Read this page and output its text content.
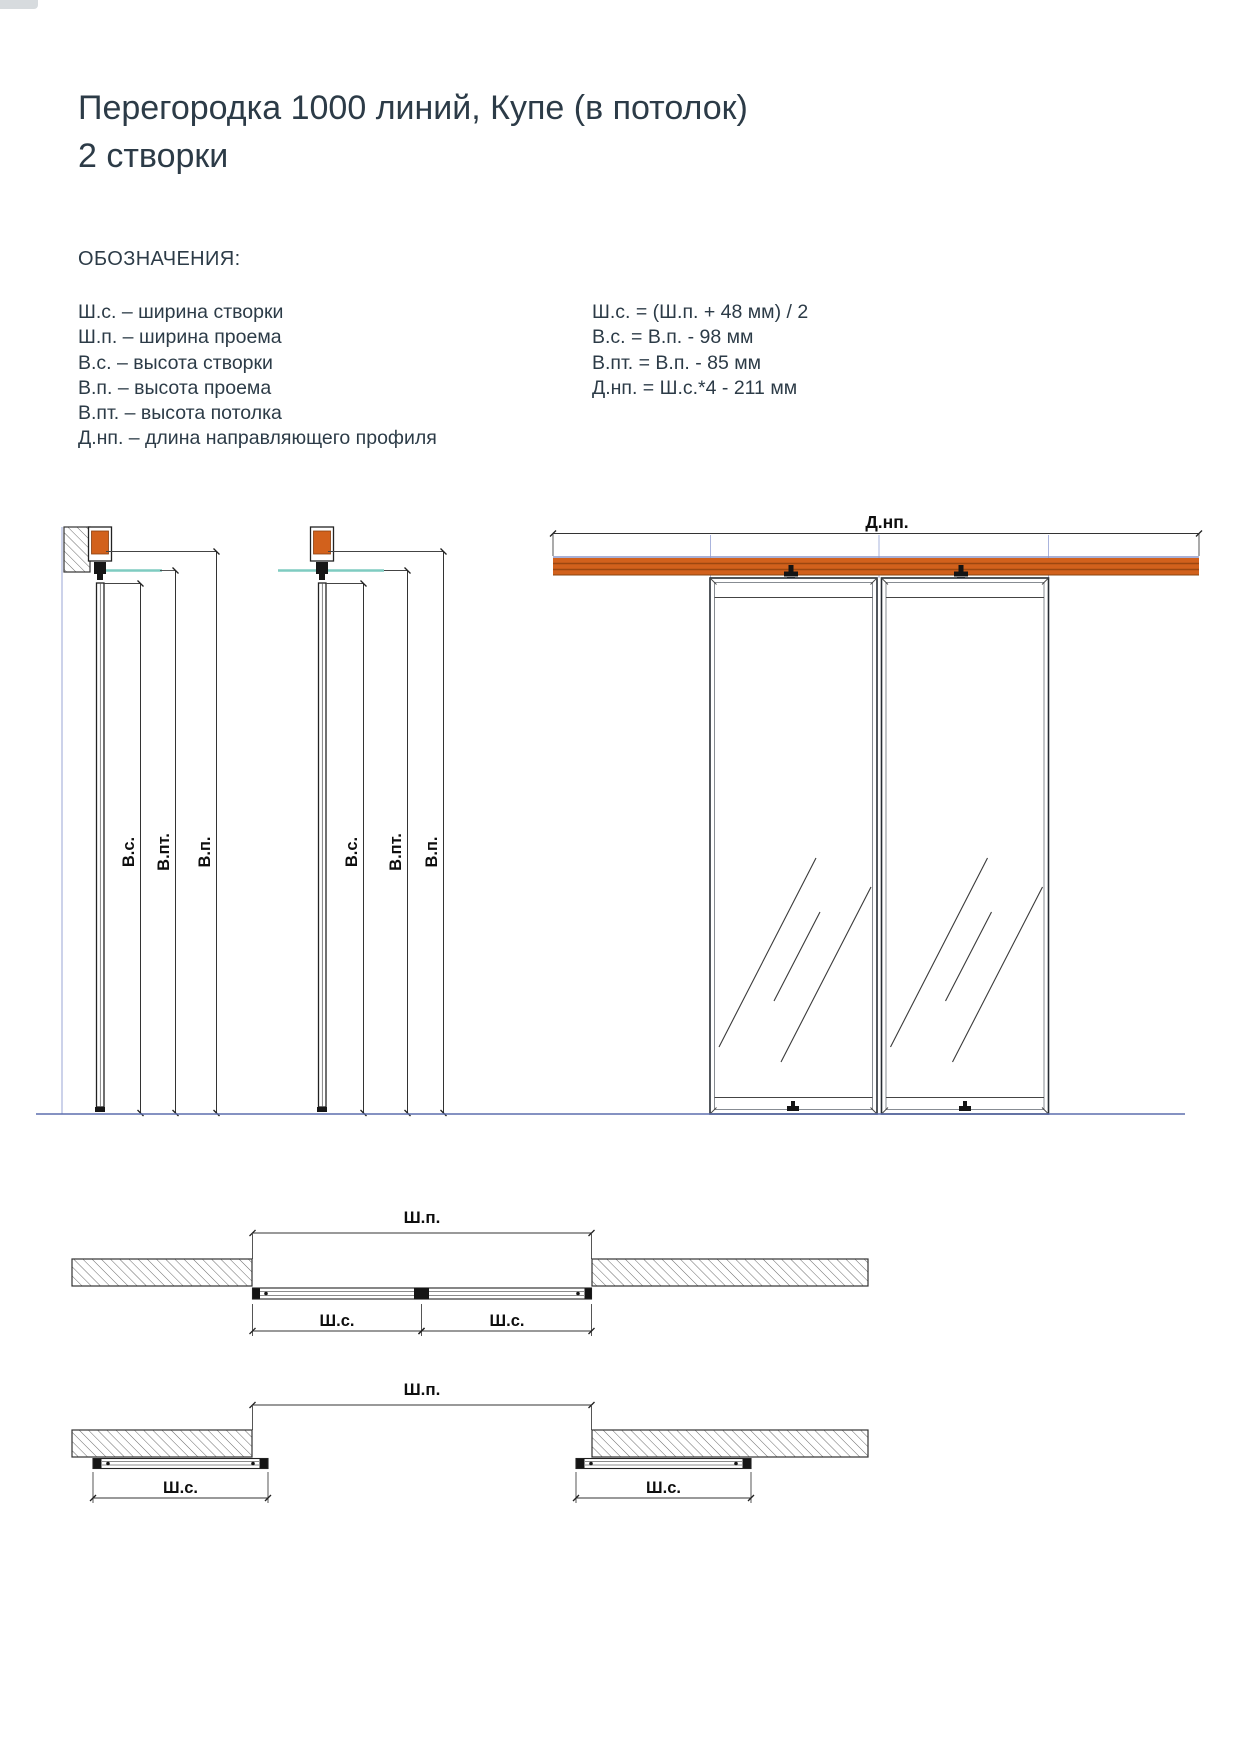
Перегородка 1000 линий, Купе (в потолок)
2 створки
ОБОЗНАЧЕНИЯ:
Ш.с. – ширина створки
Ш.п. – ширина проема
В.с. – высота створки
В.п. – высота проема
В.пт. – высота потолка
Д.нп. – длина направляющего профиля
Ш.с. = (Ш.п. + 48 мм) / 2
В.с. = В.п. - 98 мм
В.пт. = В.п. - 85 мм
Д.нп. = Ш.с.*4 - 211 мм
В.с. В.пт. В.п.	В.с. В.пт. В.п.
Д.нп.
Ш.п.
Ш.с.	Ш.с.
Ш.п.
Ш.с.	Ш.с.
